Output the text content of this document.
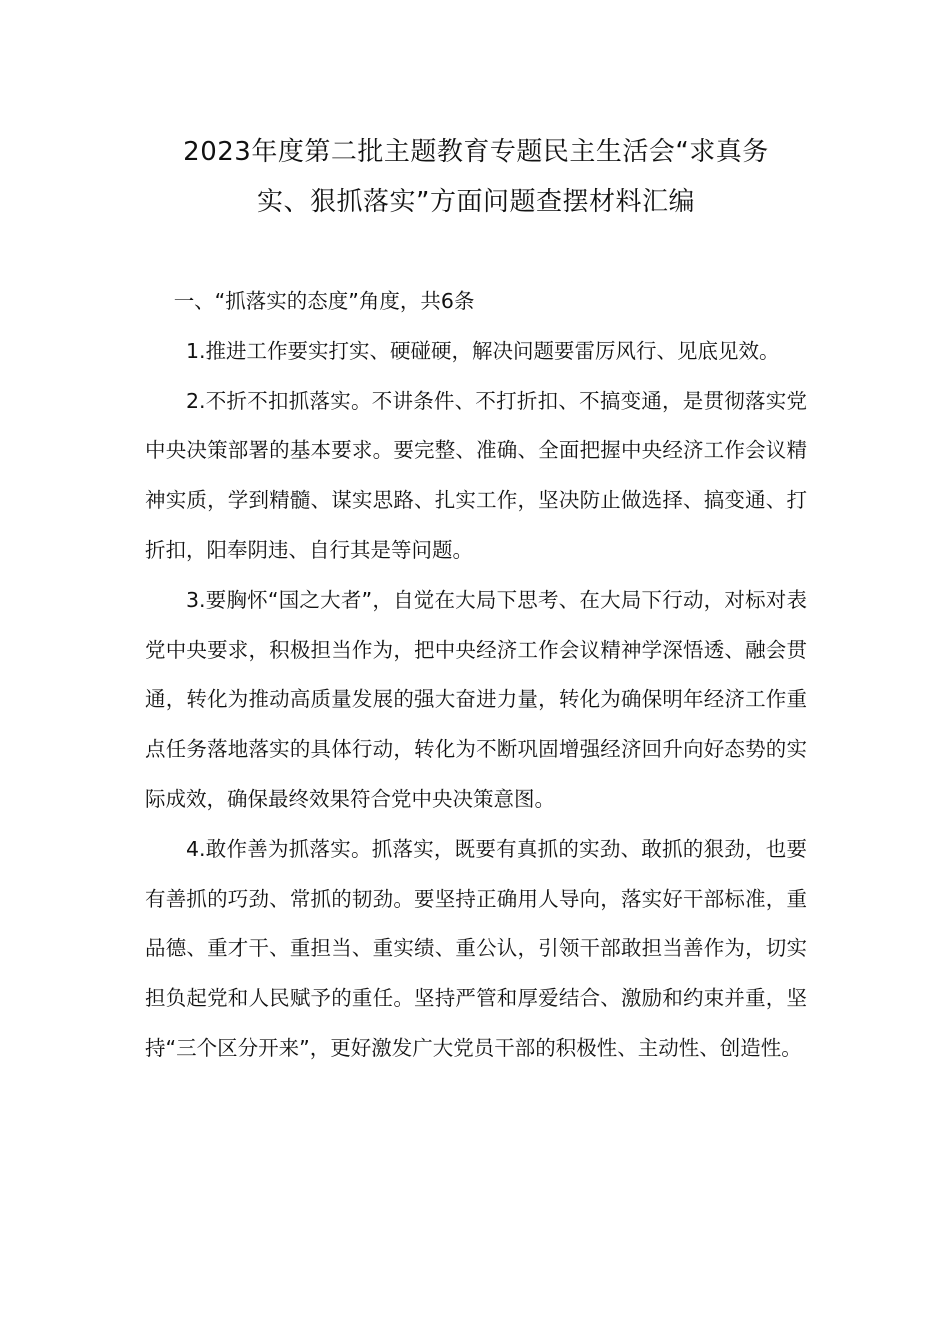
2023年度第二批主题教育专题民主生活会“求真务
实、狠抓落实”方面问题查摆材料汇编

一、“抓落实的态度”角度，共6条

1.推进工作要实打实、硬碰硬，解决问题要雷厉风行、见底见效。

2.不折不扣抓落实。不讲条件、不打折扣、不搞变通，是贯彻落实党中央决策部署的基本要求。要完整、准确、全面把握中央经济工作会议精神实质，学到精髓、谋实思路、扎实工作，坚决防止做选择、搞变通、打折扣，阳奉阴违、自行其是等问题。

3.要胸怀“国之大者”，自觉在大局下思考、在大局下行动，对标对表党中央要求，积极担当作为，把中央经济工作会议精神学深悟透、融会贯通，转化为推动高质量发展的强大奋进力量，转化为确保明年经济工作重点任务落地落实的具体行动，转化为不断巩固增强经济回升向好态势的实际成效，确保最终效果符合党中央决策意图。

4.敢作善为抓落实。抓落实，既要有真抓的实劲、敢抓的狠劲，也要有善抓的巧劲、常抓的韧劲。要坚持正确用人导向，落实好干部标准，重品德、重才干、重担当、重实绩、重公认，引领干部敢担当善作为，切实担负起党和人民赋予的重任。坚持严管和厚爱结合、激励和约束并重，坚持“三个区分开来”，更好激发广大党员干部的积极性、主动性、创造性。
